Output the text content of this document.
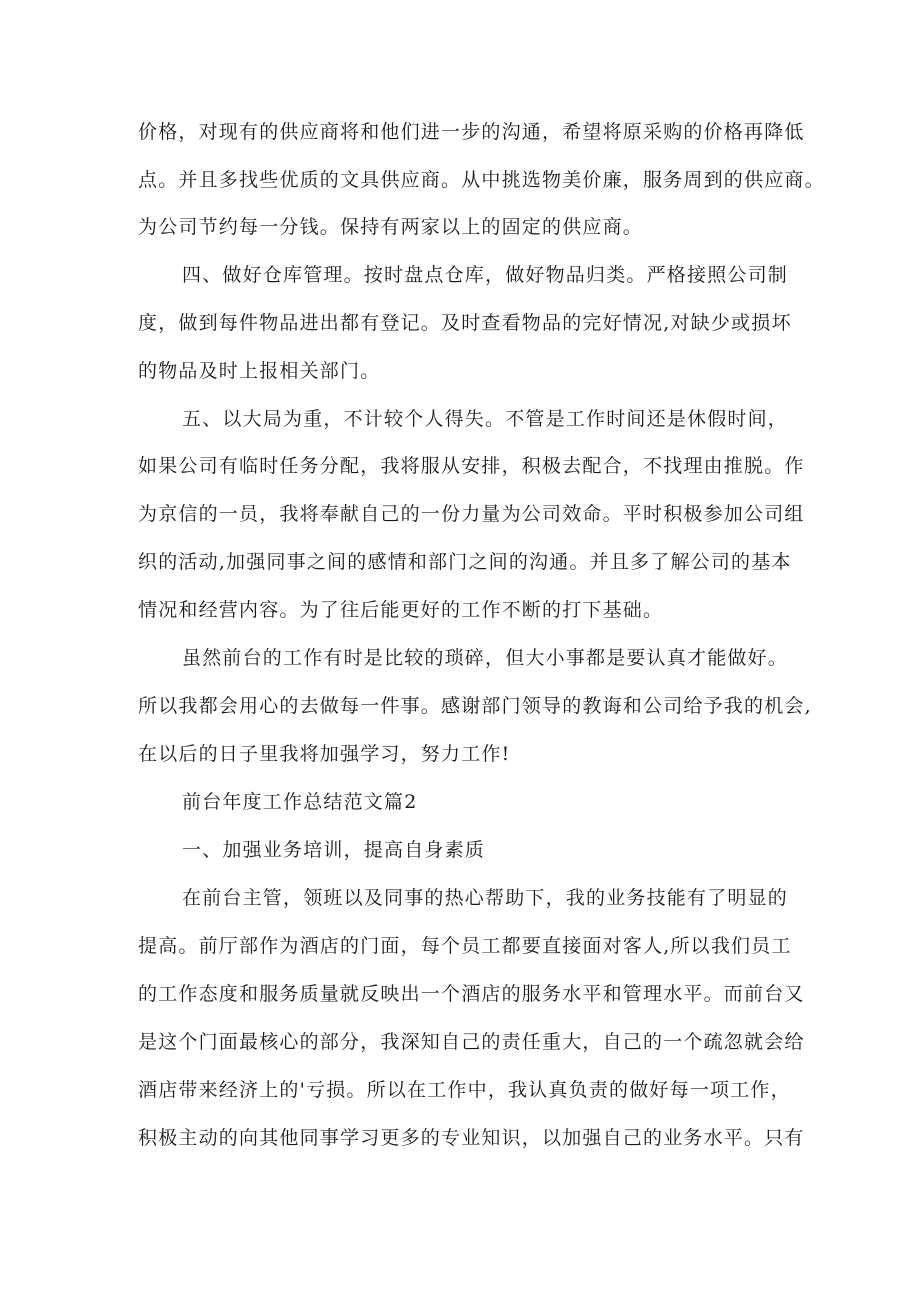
价格，对现有的供应商将和他们进一步的沟通，希望将原采购的价格再降低
点。并且多找些优质的文具供应商。从中挑选物美价廉，服务周到的供应商。
为公司节约每一分钱。保持有两家以上的固定的供应商。
四、做好仓库管理。按时盘点仓库，做好物品归类。严格接照公司制
度，做到每件物品进出都有登记。及时查看物品的完好情况,对缺少或损坏
的物品及时上报相关部门。
五、以大局为重，不计较个人得失。不管是工作时间还是休假时间，
如果公司有临时任务分配，我将服从安排，积极去配合，不找理由推脱。作
为京信的一员，我将奉献自己的一份力量为公司效命。平时积极参加公司组
织的活动,加强同事之间的感情和部门之间的沟通。并且多了解公司的基本
情况和经营内容。为了往后能更好的工作不断的打下基础。
虽然前台的工作有时是比较的琐碎，但大小事都是要认真才能做好。
所以我都会用心的去做每一件事。感谢部门领导的教诲和公司给予我的机会,
在以后的日子里我将加强学习，努力工作!
前台年度工作总结范文篇2
一、加强业务培训，提高自身素质
在前台主管，领班以及同事的热心帮助下，我的业务技能有了明显的
提高。前厅部作为酒店的门面，每个员工都要直接面对客人,所以我们员工
的工作态度和服务质量就反映出一个酒店的服务水平和管理水平。而前台又
是这个门面最核心的部分，我深知自己的责任重大，自己的一个疏忽就会给
酒店带来经济上的'亏损。所以在工作中，我认真负责的做好每一项工作，
积极主动的向其他同事学习更多的专业知识，以加强自己的业务水平。只有
